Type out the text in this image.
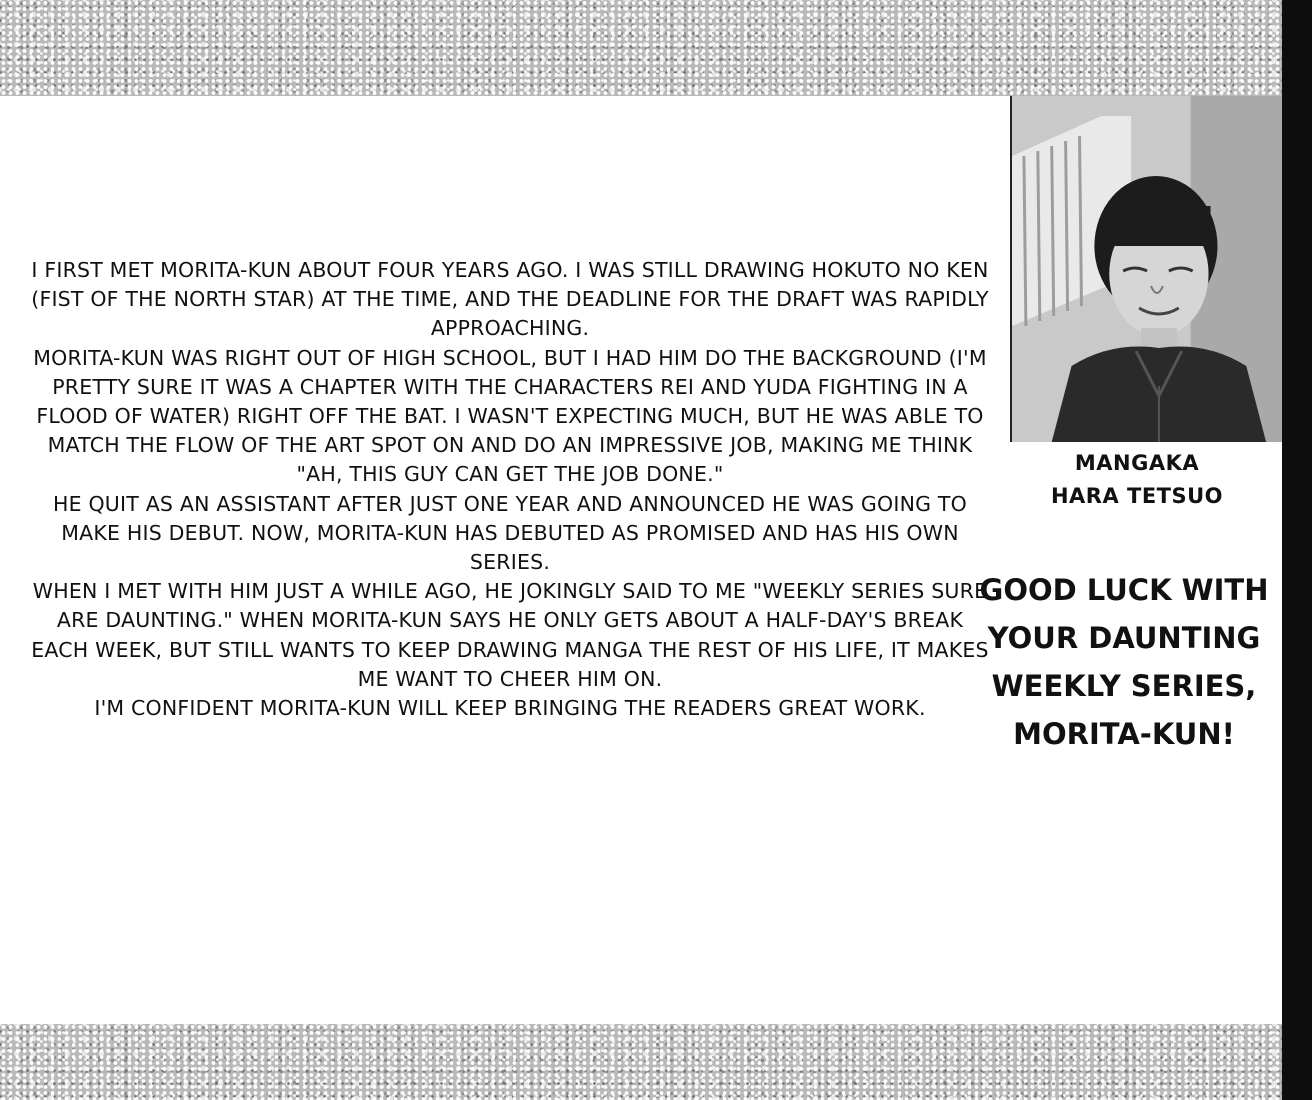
MANGAKA
HARA TETSUO

I FIRST MET MORITA-KUN ABOUT FOUR YEARS AGO. I WAS STILL DRAWING HOKUTO NO KEN (FIST OF THE NORTH STAR) AT THE TIME, AND THE DEADLINE FOR THE DRAFT WAS RAPIDLY APPROACHING.

MORITA-KUN WAS RIGHT OUT OF HIGH SCHOOL, BUT I HAD HIM DO THE BACKGROUND (I'M PRETTY SURE IT WAS A CHAPTER WITH THE CHARACTERS REI AND YUDA FIGHTING IN A FLOOD OF WATER) RIGHT OFF THE BAT. I WASN'T EXPECTING MUCH, BUT HE WAS ABLE TO MATCH THE FLOW OF THE ART SPOT ON AND DO AN IMPRESSIVE JOB, MAKING ME THINK "AH, THIS GUY CAN GET THE JOB DONE."

HE QUIT AS AN ASSISTANT AFTER JUST ONE YEAR AND ANNOUNCED HE WAS GOING TO MAKE HIS DEBUT. NOW, MORITA-KUN HAS DEBUTED AS PROMISED AND HAS HIS OWN SERIES.

WHEN I MET WITH HIM JUST A WHILE AGO, HE JOKINGLY SAID TO ME "WEEKLY SERIES SURE ARE DAUNTING." WHEN MORITA-KUN SAYS HE ONLY GETS ABOUT A HALF-DAY'S BREAK EACH WEEK, BUT STILL WANTS TO KEEP DRAWING MANGA THE REST OF HIS LIFE, IT MAKES ME WANT TO CHEER HIM ON.

I'M CONFIDENT MORITA-KUN WILL KEEP BRINGING THE READERS GREAT WORK.

GOOD LUCK WITH
YOUR DAUNTING
WEEKLY SERIES,
MORITA-KUN!
